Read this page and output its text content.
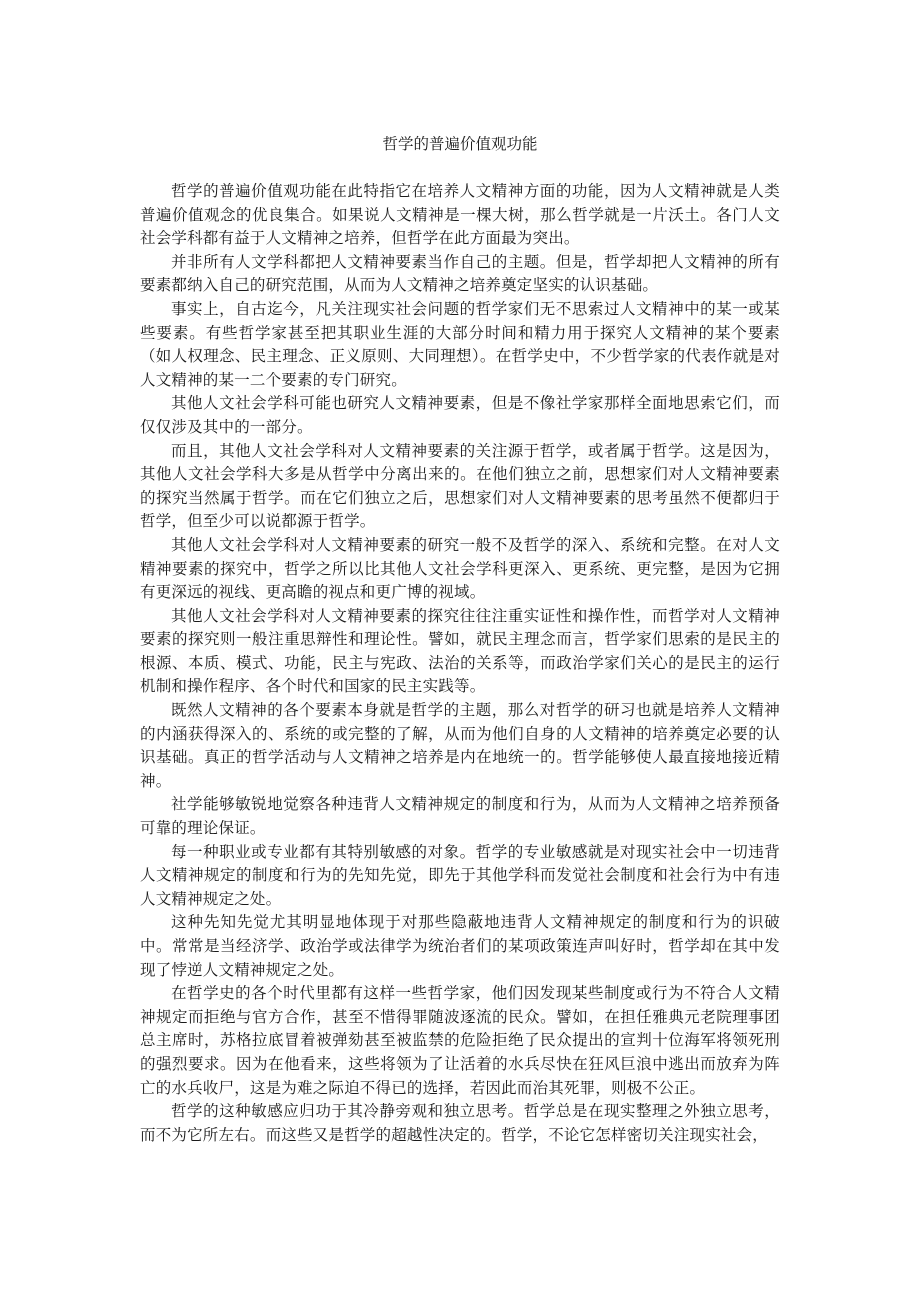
哲学的普遍价值观功能

哲学的普遍价值观功能在此特指它在培养人文精神方面的功能，因为人文精神就是人类普遍价值观念的优良集合。如果说人文精神是一棵大树，那么哲学就是一片沃土。各门人文社会学科都有益于人文精神之培养，但哲学在此方面最为突出。

并非所有人文学科都把人文精神要素当作自己的主题。但是，哲学却把人文精神的所有要素都纳入自己的研究范围，从而为人文精神之培养奠定坚实的认识基础。

事实上，自古迄今，凡关注现实社会问题的哲学家们无不思索过人文精神中的某一或某些要素。有些哲学家甚至把其职业生涯的大部分时间和精力用于探究人文精神的某个要素（如人权理念、民主理念、正义原则、大同理想）。在哲学史中，不少哲学家的代表作就是对人文精神的某一二个要素的专门研究。

其他人文社会学科可能也研究人文精神要素，但是不像社学家那样全面地思索它们，而仅仅涉及其中的一部分。

而且，其他人文社会学科对人文精神要素的关注源于哲学，或者属于哲学。这是因为，其他人文社会学科大多是从哲学中分离出来的。在他们独立之前，思想家们对人文精神要素的探究当然属于哲学。而在它们独立之后，思想家们对人文精神要素的思考虽然不便都归于哲学，但至少可以说都源于哲学。

其他人文社会学科对人文精神要素的研究一般不及哲学的深入、系统和完整。在对人文精神要素的探究中，哲学之所以比其他人文社会学科更深入、更系统、更完整，是因为它拥有更深远的视线、更高瞻的视点和更广博的视域。

其他人文社会学科对人文精神要素的探究往往注重实证性和操作性，而哲学对人文精神要素的探究则一般注重思辩性和理论性。譬如，就民主理念而言，哲学家们思索的是民主的根源、本质、模式、功能，民主与宪政、法治的关系等，而政治学家们关心的是民主的运行机制和操作程序、各个时代和国家的民主实践等。

既然人文精神的各个要素本身就是哲学的主题，那么对哲学的研习也就是培养人文精神的内涵获得深入的、系统的或完整的了解，从而为他们自身的人文精神的培养奠定必要的认识基础。真正的哲学活动与人文精神之培养是内在地统一的。哲学能够使人最直接地接近精神。

社学能够敏锐地觉察各种违背人文精神规定的制度和行为，从而为人文精神之培养预备可靠的理论保证。

每一种职业或专业都有其特别敏感的对象。哲学的专业敏感就是对现实社会中一切违背人文精神规定的制度和行为的先知先觉，即先于其他学科而发觉社会制度和社会行为中有违人文精神规定之处。

这种先知先觉尤其明显地体现于对那些隐蔽地违背人文精神规定的制度和行为的识破中。常常是当经济学、政治学或法律学为统治者们的某项政策连声叫好时，哲学却在其中发现了悖逆人文精神规定之处。

在哲学史的各个时代里都有这样一些哲学家，他们因发现某些制度或行为不符合人文精神规定而拒绝与官方合作，甚至不惜得罪随波逐流的民众。譬如，在担任雅典元老院理事团总主席时，苏格拉底冒着被弹劾甚至被监禁的危险拒绝了民众提出的宣判十位海军将领死刑的强烈要求。因为在他看来，这些将领为了让活着的水兵尽快在狂风巨浪中逃出而放弃为阵亡的水兵收尸，这是为难之际迫不得已的选择，若因此而治其死罪，则极不公正。

哲学的这种敏感应归功于其冷静旁观和独立思考。哲学总是在现实整理之外独立思考，而不为它所左右。而这些又是哲学的超越性决定的。哲学，不论它怎样密切关注现实社会，
